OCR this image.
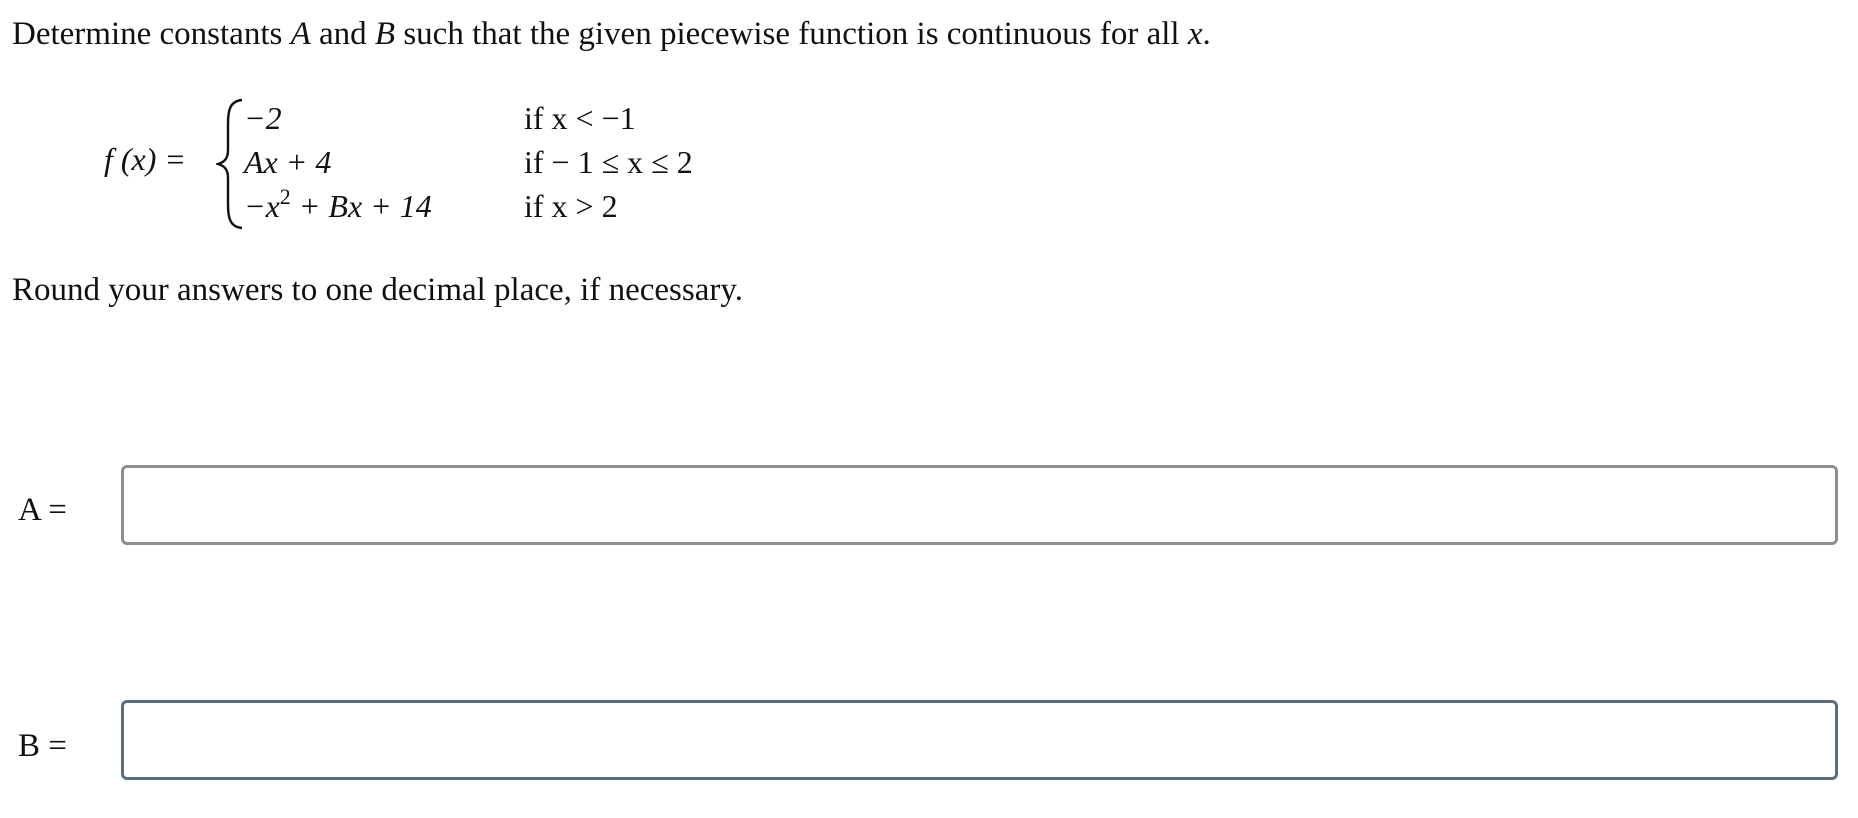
Determine constants A and B such that the given piecewise function is continuous for all x.
f (x) =
−2	if x < −1
Ax + 4	if − 1 ≤ x ≤ 2
$-x^2 + Bx + 14$	if x > 2
Round your answers to one decimal place, if necessary.
A =
B =
